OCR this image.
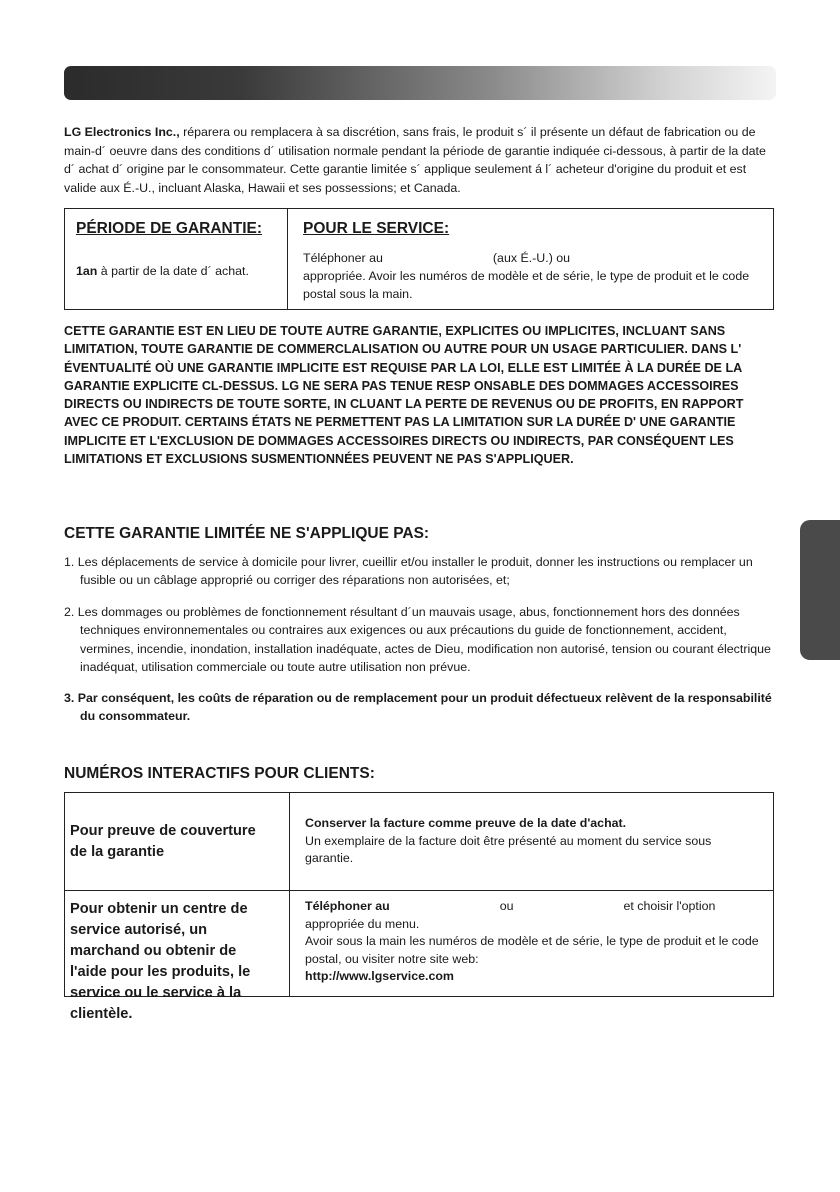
LG Electronics Inc., réparera ou remplacera à sa discrétion, sans frais, le produit s´ il présente un défaut de fabrication ou de main-d´ oeuvre dans des conditions d´ utilisation normale pendant la période de garantie indiquée ci-dessous, à partir de la date d´ achat d´ origine par le consommateur. Cette garantie limitée s´ applique seulement á l´ acheteur d'origine du produit et est valide aux É.-U., incluant Alaska, Hawaii et ses possessions; et Canada.

PÉRIODE DE GARANTIE:

1an à partir de la date d´ achat.

POUR LE SERVICE:

Téléphoner au	(aux É.-U.) ou
appropriée. Avoir les numéros de modèle et de série, le type de produit et le code postal sous la main.

CETTE GARANTIE EST EN LIEU DE TOUTE AUTRE GARANTIE, EXPLICITES OU IMPLICITES, INCLUANT SANS LIMITATION, TOUTE GARANTIE DE COMMERCLALISATION OU AUTRE POUR UN USAGE PARTICULIER. DANS L' ÉVENTUALITÉ OÙ UNE GARANTIE IMPLICITE EST REQUISE PAR LA LOI, ELLE EST LIMITÉE À LA DURÉE DE LA GARANTIE EXPLICITE CL-DESSUS. LG NE SERA PAS TENUE RESP ONSABLE DES DOMMAGES ACCESSOIRES DIRECTS OU INDIRECTS DE TOUTE SORTE, IN CLUANT LA PERTE DE REVENUS OU DE PROFITS, EN RAPPORT AVEC CE PRODUIT. CERTAINS ÉTATS NE PERMETTENT PAS LA LIMITATION SUR LA DURÉE D' UNE GARANTIE IMPLICITE ET L'EXCLUSION DE DOMMAGES ACCESSOIRES DIRECTS OU INDIRECTS, PAR CONSÉQUENT LES LIMITATIONS ET EXCLUSIONS SUSMENTIONNÉES PEUVENT NE PAS S'APPLIQUER.

CETTE GARANTIE LIMITÉE NE S'APPLIQUE PAS:

1. Les déplacements de service à domicile pour livrer, cueillir et/ou installer le produit, donner les instructions ou remplacer un fusible ou un câblage approprié ou corriger des réparations non autorisées, et;

2. Les dommages ou problèmes de fonctionnement résultant d´un mauvais usage, abus, fonctionnement hors des données techniques environnementales ou contraires aux exigences ou aux précautions du guide de fonctionnement, accident, vermines, incendie, inondation, installation inadéquate, actes de Dieu, modification non autorisé, tension ou courant électrique inadéquat, utilisation commerciale ou toute autre utilisation non prévue.

3. Par conséquent, les coûts de réparation ou de remplacement pour un produit défectueux relèvent de la responsabilité du consommateur.

NUMÉROS INTERACTIFS POUR CLIENTS:

Pour preuve de couverture de la garantie

Conserver la facture comme preuve de la date d'achat.
Un exemplaire de la facture doit être présenté au moment du service sous garantie.

Pour obtenir un centre de service autorisé, un marchand ou obtenir de l'aide pour les produits, le service ou le service à la clientèle.

Téléphoner au	ou	et choisir l'option
appropriée du menu.
Avoir sous la main les numéros de modèle et de série, le type de produit et le code postal, ou visiter notre site web:
http://www.lgservice.com
